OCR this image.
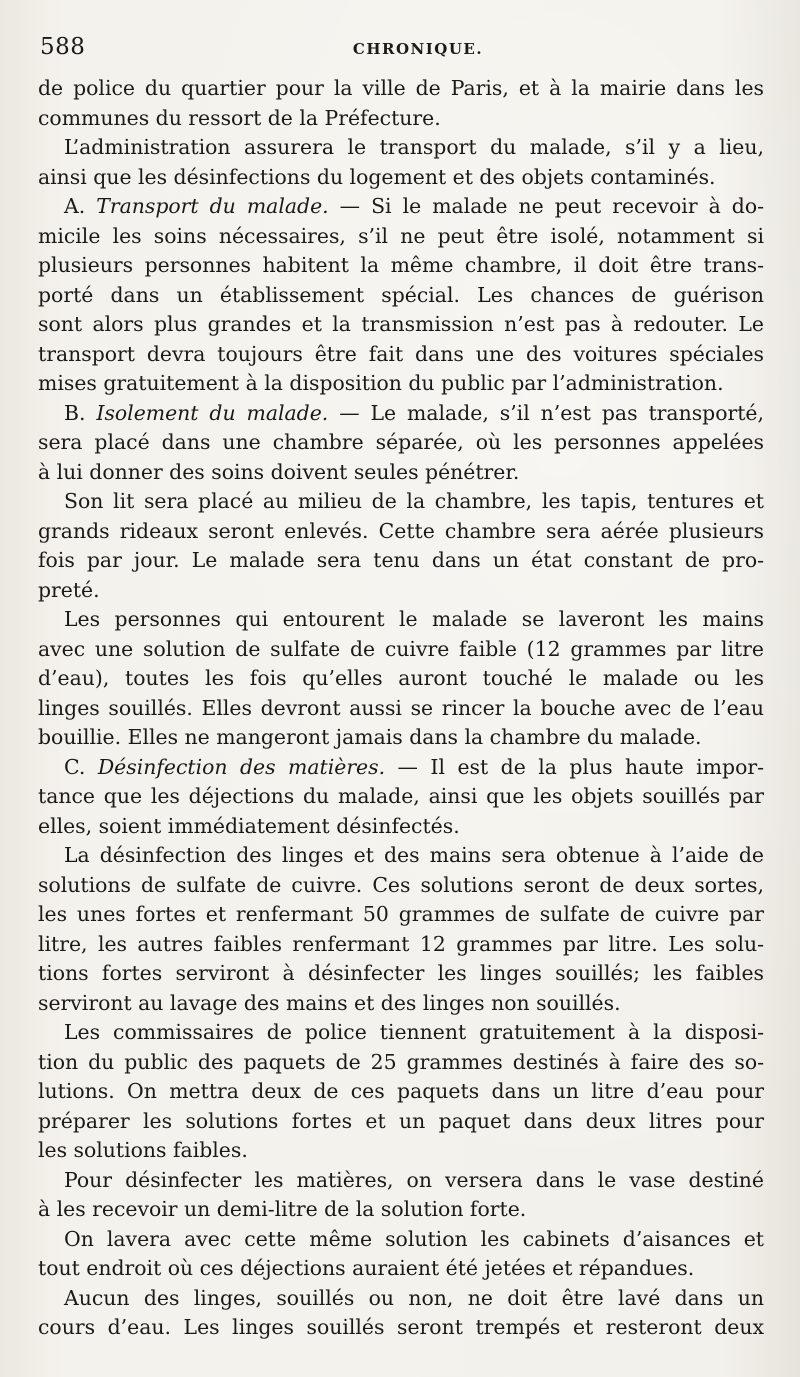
588	CHRONIQUE.
de police du quartier pour la ville de Paris, et à la mairie dans les
communes du ressort de la Préfecture.
L’administration assurera le transport du malade, s’il y a lieu,
ainsi que les désinfections du logement et des objets contaminés.
A. Transport du malade. — Si le malade ne peut recevoir à do-
micile les soins nécessaires, s’il ne peut être isolé, notamment si
plusieurs personnes habitent la même chambre, il doit être trans-
porté dans un établissement spécial. Les chances de guérison
sont alors plus grandes et la transmission n’est pas à redouter. Le
transport devra toujours être fait dans une des voitures spéciales
mises gratuitement à la disposition du public par l’administration.
B. Isolement du malade. — Le malade, s’il n’est pas transporté,
sera placé dans une chambre séparée, où les personnes appelées
à lui donner des soins doivent seules pénétrer.
Son lit sera placé au milieu de la chambre, les tapis, tentures et
grands rideaux seront enlevés. Cette chambre sera aérée plusieurs
fois par jour. Le malade sera tenu dans un état constant de pro-
preté.
Les personnes qui entourent le malade se laveront les mains
avec une solution de sulfate de cuivre faible (12 grammes par litre
d’eau), toutes les fois qu’elles auront touché le malade ou les
linges souillés. Elles devront aussi se rincer la bouche avec de l’eau
bouillie. Elles ne mangeront jamais dans la chambre du malade.
C. Désinfection des matières. — Il est de la plus haute impor-
tance que les déjections du malade, ainsi que les objets souillés par
elles, soient immédiatement désinfectés.
La désinfection des linges et des mains sera obtenue à l’aide de
solutions de sulfate de cuivre. Ces solutions seront de deux sortes,
les unes fortes et renfermant 50 grammes de sulfate de cuivre par
litre, les autres faibles renfermant 12 grammes par litre. Les solu-
tions fortes serviront à désinfecter les linges souillés; les faibles
serviront au lavage des mains et des linges non souillés.
Les commissaires de police tiennent gratuitement à la disposi-
tion du public des paquets de 25 grammes destinés à faire des so-
lutions. On mettra deux de ces paquets dans un litre d’eau pour
préparer les solutions fortes et un paquet dans deux litres pour
les solutions faibles.
Pour désinfecter les matières, on versera dans le vase destiné
à les recevoir un demi-litre de la solution forte.
On lavera avec cette même solution les cabinets d’aisances et
tout endroit où ces déjections auraient été jetées et répandues.
Aucun des linges, souillés ou non, ne doit être lavé dans un
cours d’eau. Les linges souillés seront trempés et resteront deux
